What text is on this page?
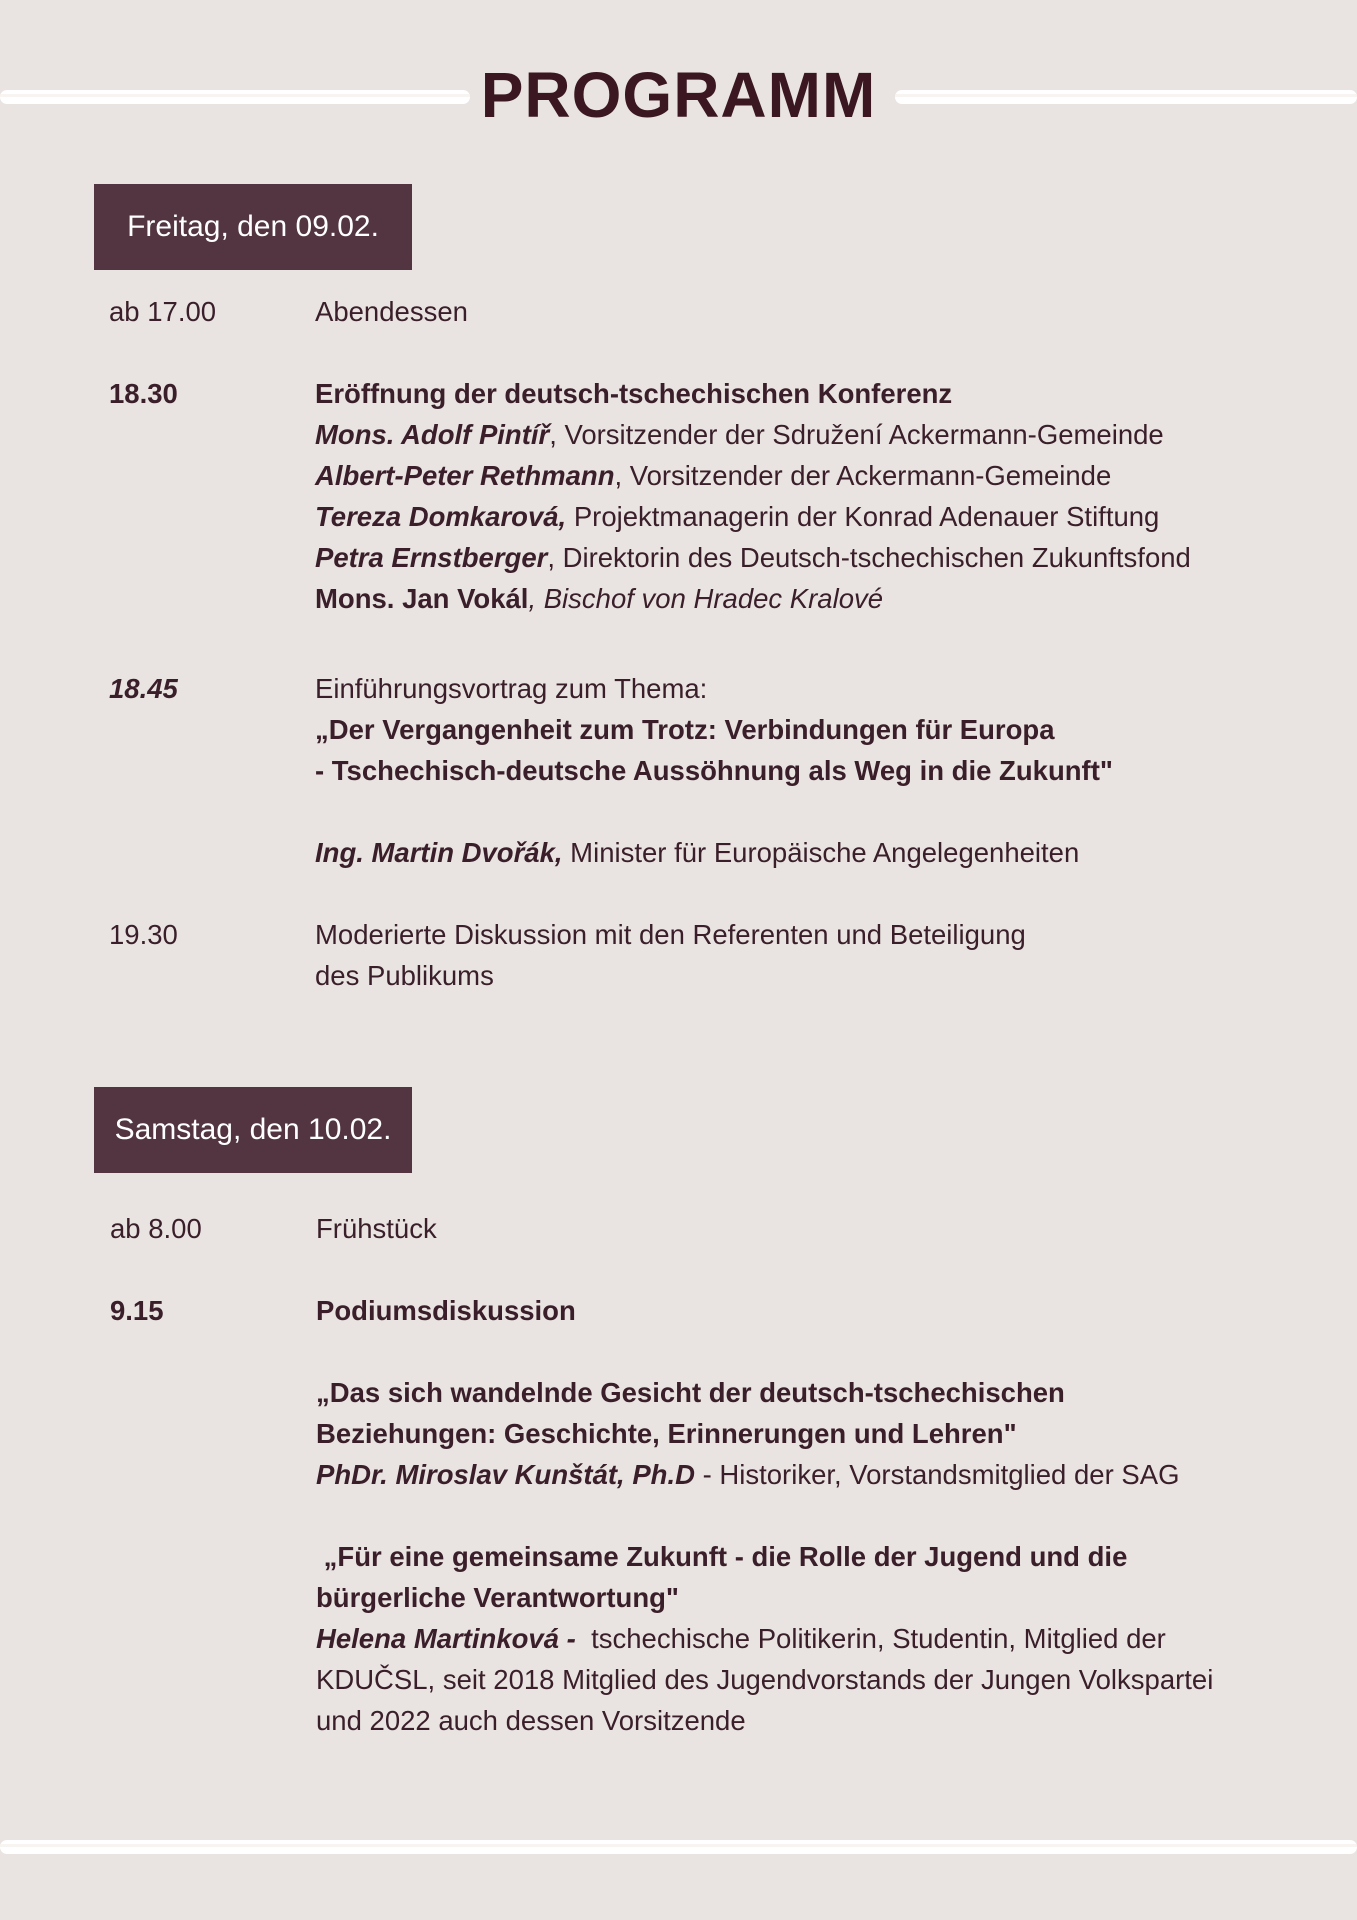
PROGRAMM
Freitag, den 09.02.
ab 17.00	Abendessen
18.30	Eröffnung der deutsch-tschechischen Konferenz
Mons. Adolf Pintíř, Vorsitzender der Sdružení Ackermann-Gemeinde
Albert-Peter Rethmann, Vorsitzender der Ackermann-Gemeinde
Tereza Domkarová, Projektmanagerin der Konrad Adenauer Stiftung
Petra Ernstberger, Direktorin des Deutsch-tschechischen Zukunftsfond
Mons. Jan Vokál, Bischof von Hradec Kralové
18.45	Einführungsvortrag zum Thema:
„Der Vergangenheit zum Trotz: Verbindungen für Europa
- Tschechisch-deutsche Aussöhnung als Weg in die Zukunft"

Ing. Martin Dvořák, Minister für Europäische Angelegenheiten
19.30	Moderierte Diskussion mit den Referenten und Beteiligung
des Publikums
Samstag, den 10.02.
ab 8.00	Frühstück
9.15	Podiumsdiskussion

„Das sich wandelnde Gesicht der deutsch-tschechischen
Beziehungen: Geschichte, Erinnerungen und Lehren"
PhDr. Miroslav Kunštát, Ph.D - Historiker, Vorstandsmitglied der SAG

„Für eine gemeinsame Zukunft - die Rolle der Jugend und die
bürgerliche Verantwortung"
Helena Martinková -  tschechische Politikerin, Studentin, Mitglied der
KDUČSL, seit 2018 Mitglied des Jugendvorstands der Jungen Volkspartei
und 2022 auch dessen Vorsitzende
